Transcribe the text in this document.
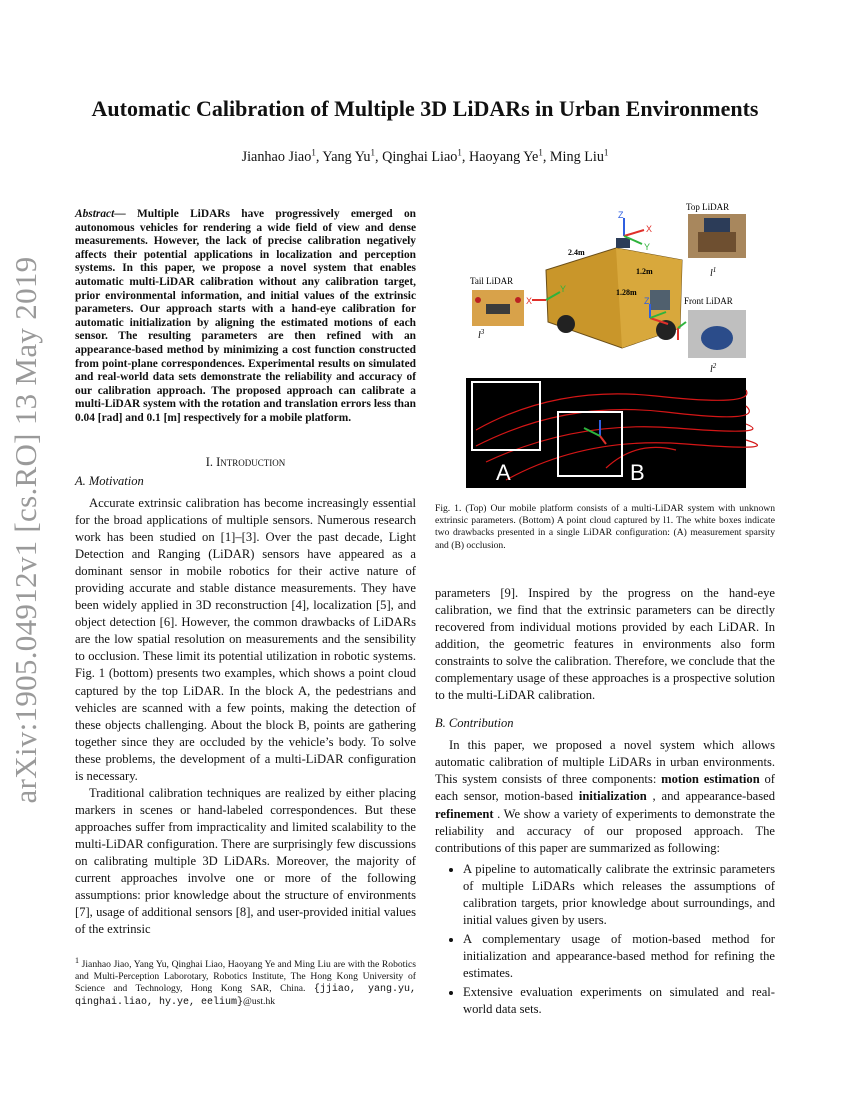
arXiv:1905.04912v1 [cs.RO] 13 May 2019
Automatic Calibration of Multiple 3D LiDARs in Urban Environments
Jianhao Jiao$^1$, Yang Yu$^1$, Qinghai Liao$^1$, Haoyang Ye$^1$, Ming Liu$^1$
Abstract— Multiple LiDARs have progressively emerged on autonomous vehicles for rendering a wide field of view and dense measurements. However, the lack of precise calibration negatively affects their potential applications in localization and perception systems. In this paper, we propose a novel system that enables automatic multi-LiDAR calibration without any calibration target, prior environmental information, and initial values of the extrinsic parameters. Our approach starts with a hand-eye calibration for automatic initialization by aligning the estimated motions of each sensor. The resulting parameters are then refined with an appearance-based method by minimizing a cost function constructed from point-plane correspondences. Experimental results on simulated and real-world data sets demonstrate the reliability and accuracy of our calibration approach. The proposed approach can calibrate a multi-LiDAR system with the rotation and translation errors less than 0.04 [rad] and 0.1 [m] respectively for a mobile platform.
I. Introduction
A. Motivation

Accurate extrinsic calibration has become increasingly essential for the broad applications of multiple sensors. Numerous research work has been studied on [1]–[3]. Over the past decade, Light Detection and Ranging (LiDAR) sensors have appeared as a dominant sensor in mobile robotics for their active nature of providing accurate and stable distance measurements. They have been widely applied in 3D reconstruction [4], localization [5], and object detection [6]. However, the common drawbacks of LiDARs are the low spatial resolution on measurements and the sensibility to occlusion. These limit its potential utilization in robotic systems. Fig. 1 (bottom) presents two examples, which shows a point cloud captured by the top LiDAR. In the block A, the pedestrians and vehicles are scanned with a few points, making the detection of these objects challenging. About the block B, points are gathering together since they are occluded by the vehicle’s body. To solve these problems, the development of a multi-LiDAR configuration is necessary.

Traditional calibration techniques are realized by either placing markers in scenes or hand-labeled correspondences. But these approaches suffer from impracticality and limited scalability to the multi-LiDAR configuration. There are surprisingly few discussions on calibrating multiple 3D LiDARs. Moreover, the majority of current approaches involve one or more of the following assumptions: prior knowledge about the structure of environments [7], usage of additional sensors [8], and user-provided initial values of the extrinsic

$^1$ Jianhao Jiao, Yang Yu, Qinghai Liao, Haoyang Ye and Ming Liu are with the Robotics and Multi-Perception Laborotary, Robotics Institute, The Hong Kong University of Science and Technology, Hong Kong SAR, China. {jjiao, yang.yu, qinghai.liao, hy.ye, eelium}@ust.hk
Top LiDAR
$l^1$
Tail LiDAR
$l^3$
2.4m
1.2m
1.28m
Z
X
Y
X
Y
Z	Front LiDAR
$l^2$
A	B
Fig. 1. (Top) Our mobile platform consists of a multi-LiDAR system with unknown extrinsic parameters. (Bottom) A point cloud captured by l1. The white boxes indicate two drawbacks presented in a single LiDAR configuration: (A) measurement sparsity and (B) occlusion.

parameters [9]. Inspired by the progress on the hand-eye calibration, we find that the extrinsic parameters can be directly recovered from individual motions provided by each LiDAR. In addition, the geometric features in environments also form constraints to solve the calibration. Therefore, we conclude that the complementary usage of these approaches is a prospective solution to the multi-LiDAR calibration.

B. Contribution

In this paper, we proposed a novel system which allows automatic calibration of multiple LiDARs in urban environments. This system consists of three components: motion estimation of each sensor, motion-based initialization , and appearance-based refinement . We show a variety of experiments to demonstrate the reliability and accuracy of our proposed approach. The contributions of this paper are summarized as following:

• A pipeline to automatically calibrate the extrinsic parameters of multiple LiDARs which releases the assumptions of calibration targets, prior knowledge about surroundings, and initial values given by users.
• A complementary usage of motion-based method for initialization and appearance-based method for refining the estimates.
• Extensive evaluation experiments on simulated and real-world data sets.
